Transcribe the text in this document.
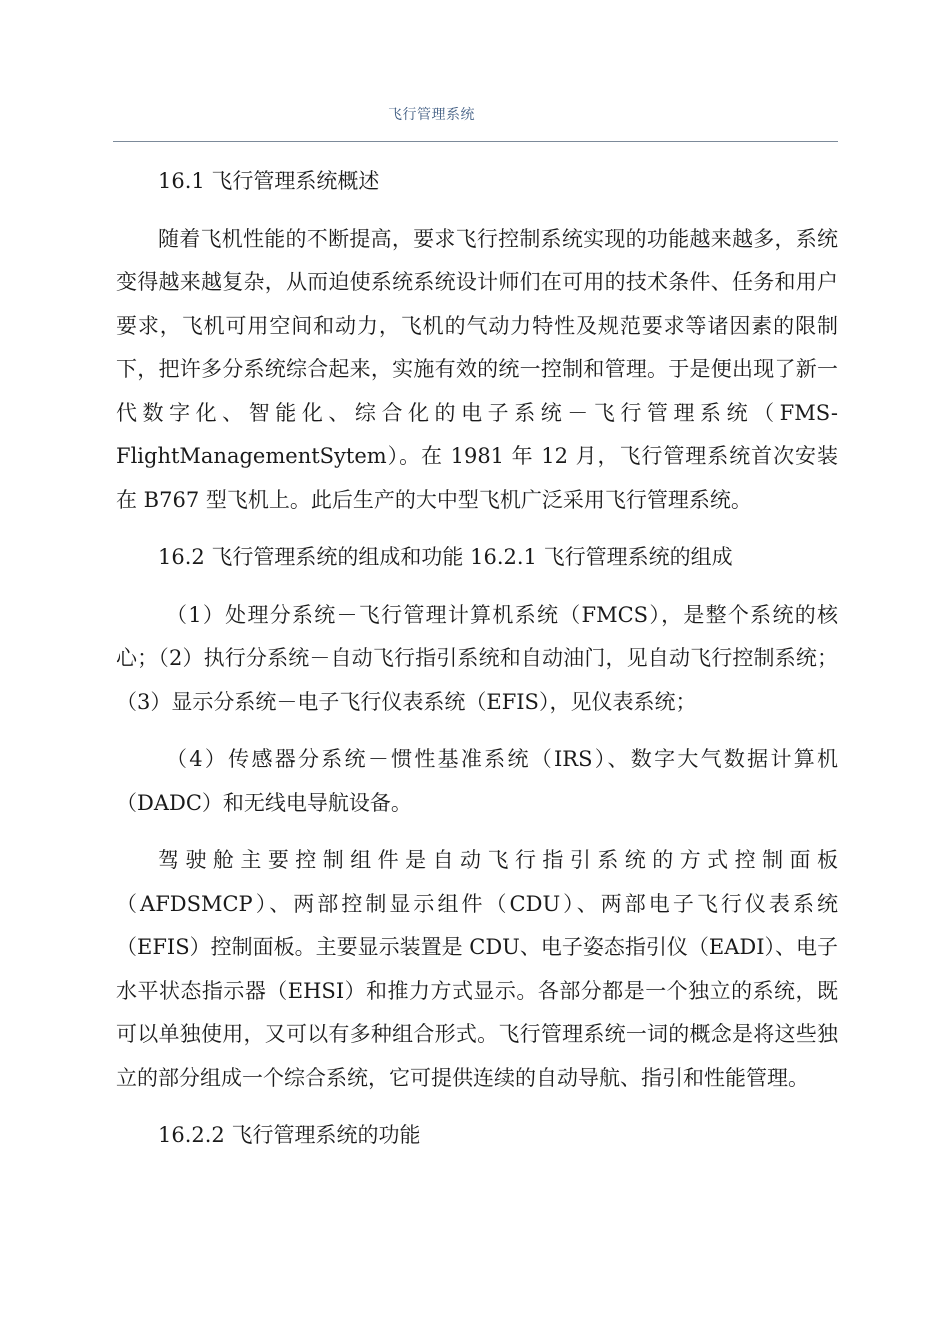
飞行管理系统

16.1 飞行管理系统概述

随着飞机性能的不断提高，要求飞行控制系统实现的功能越来越多，系统变得越来越复杂，从而迫使系统系统设计师们在可用的技术条件、任务和用户要求，飞机可用空间和动力，飞机的气动力特性及规范要求等诸因素的限制下，把许多分系统综合起来，实施有效的统一控制和管理。于是便出现了新一代数字化、智能化、综合化的电子系统－飞行管理系统（FMS-FlightManagementSytem）。在 1981 年 12 月，飞行管理系统首次安装在 B767 型飞机上。此后生产的大中型飞机广泛采用飞行管理系统。

16.2 飞行管理系统的组成和功能 16.2.1 飞行管理系统的组成

（1）处理分系统－飞行管理计算机系统（FMCS），是整个系统的核心；（2）执行分系统－自动飞行指引系统和自动油门，见自动飞行控制系统；（3）显示分系统－电子飞行仪表系统（EFIS），见仪表系统；

（4）传感器分系统－惯性基准系统（IRS）、数字大气数据计算机（DADC）和无线电导航设备。

驾驶舱主要控制组件是自动飞行指引系统的方式控制面板（AFDSMCP）、两部控制显示组件（CDU）、两部电子飞行仪表系统（EFIS）控制面板。主要显示装置是 CDU、电子姿态指引仪（EADI）、电子水平状态指示器（EHSI）和推力方式显示。各部分都是一个独立的系统，既可以单独使用，又可以有多种组合形式。飞行管理系统一词的概念是将这些独立的部分组成一个综合系统，它可提供连续的自动导航、指引和性能管理。

16.2.2 飞行管理系统的功能
